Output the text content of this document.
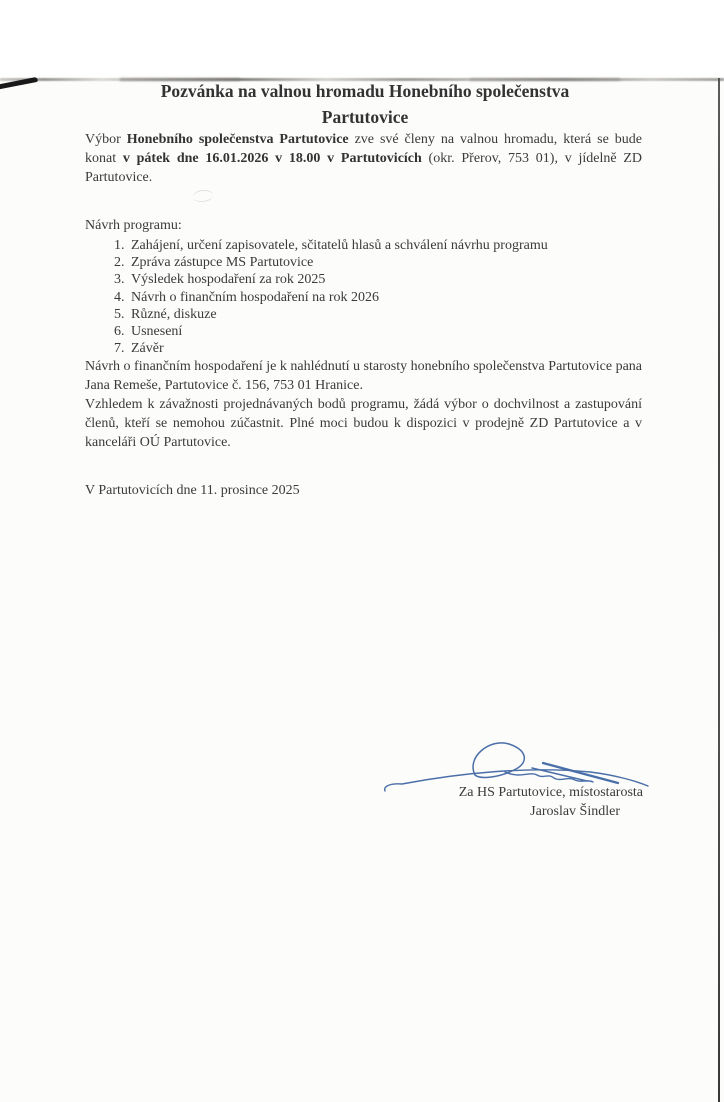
Pozvánka na valnou hromadu Honebního společenstva
Partutovice

Výbor Honebního společenstva Partutovice zve své členy na valnou hromadu, která se bude konat v pátek dne 16.01.2026 v 18.00 v Partutovicích (okr. Přerov, 753 01), v jídelně ZD Partutovice.

Návrh programu:

1. Zahájení, určení zapisovatele, sčitatelů hlasů a schválení návrhu programu
2. Zpráva zástupce MS Partutovice
3. Výsledek hospodaření za rok 2025
4. Návrh o finančním hospodaření na rok 2026
5. Různé, diskuze
6. Usnesení
7. Závěr

Návrh o finančním hospodaření je k nahlédnutí u starosty honebního společenstva Partutovice pana Jana Remeše, Partutovice č. 156, 753 01 Hranice.

Vzhledem k závažnosti projednávaných bodů programu, žádá výbor o dochvilnost a zastupování členů, kteří se nemohou zúčastnit. Plné moci budou k dispozici v prodejně ZD Partutovice a v kanceláři OÚ Partutovice.

V Partutovicích dne 11. prosince 2025

Za HS Partutovice, místostarosta
Jaroslav Šindler
